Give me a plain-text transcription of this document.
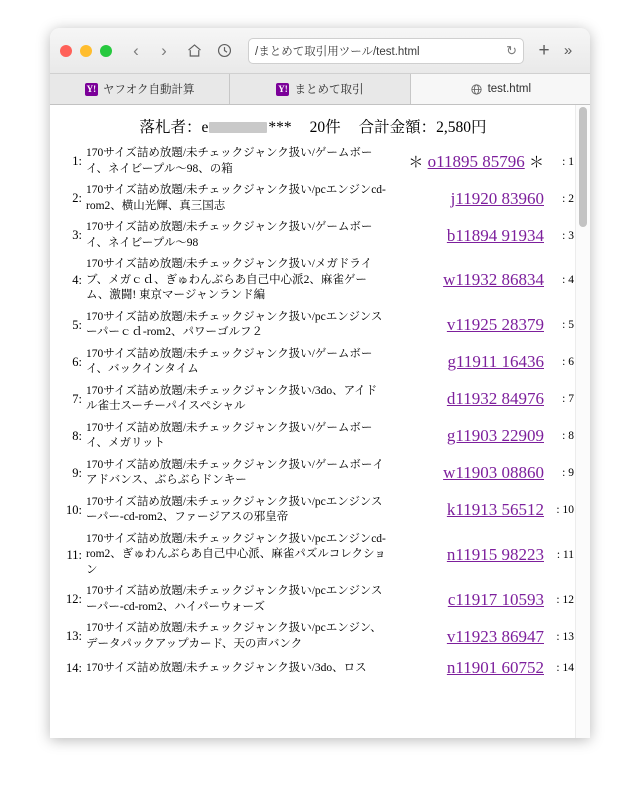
‹	›	/まとめて取引用ツール/test.html	↻	+ »
Y! ヤフオク自動計算	Y! まとめて取引	test.html
落札者：e	*** 20件 合計金額：2,580円
1:	170サイズ詰め放題/未チェックジャンク扱い/ゲームボーイ、ネイビープル〜98、の箱	＊ o11895 85796 ＊	: 1
2:	170サイズ詰め放題/未チェックジャンク扱い/pcエンジンcd-rom2、横山光輝、真三国志	j11920 83960	: 2
3:	170サイズ詰め放題/未チェックジャンク扱い/ゲームボーイ、ネイビープル〜98	b11894 91934	: 3
4:	170サイズ詰め放題/未チェックジャンク扱い/メガドライブ、メガｃｄ、ぎゅわんぶらあ自己中心派2、麻雀ゲーム、激闘! 東京マージャンランド編	w11932 86834	: 4
5:	170サイズ詰め放題/未チェックジャンク扱い/pcエンジンスーパーｃｄ-rom2、パワーゴルフ２	v11925 28379	: 5
6:	170サイズ詰め放題/未チェックジャンク扱い/ゲームボーイ、バックインタイム	g11911 16436	: 6
7:	170サイズ詰め放題/未チェックジャンク扱い/3do、アイドル雀士スーチーパイスペシャル	d11932 84976	: 7
8:	170サイズ詰め放題/未チェックジャンク扱い/ゲームボーイ、メガリット	g11903 22909	: 8
9:	170サイズ詰め放題/未チェックジャンク扱い/ゲームボーイアドバンス、ぶらぶらドンキー	w11903 08860	: 9
10:	170サイズ詰め放題/未チェックジャンク扱い/pcエンジンスーパー-cd-rom2、ファージアスの邪皇帝	k11913 56512	: 10
11:	170サイズ詰め放題/未チェックジャンク扱い/pcエンジンcd-rom2、ぎゅわんぶらあ自己中心派、麻雀パズルコレクション	n11915 98223	: 11
12:	170サイズ詰め放題/未チェックジャンク扱い/pcエンジンスーパー-cd-rom2、ハイパーウォーズ	c11917 10593	: 12
13:	170サイズ詰め放題/未チェックジャンク扱い/pcエンジン、データパックアップカード、天の声バンク	v11923 86947	: 13
14:	170サイズ詰め放題/未チェックジャンク扱い/3do、ロス	n11901 60752	: 14
